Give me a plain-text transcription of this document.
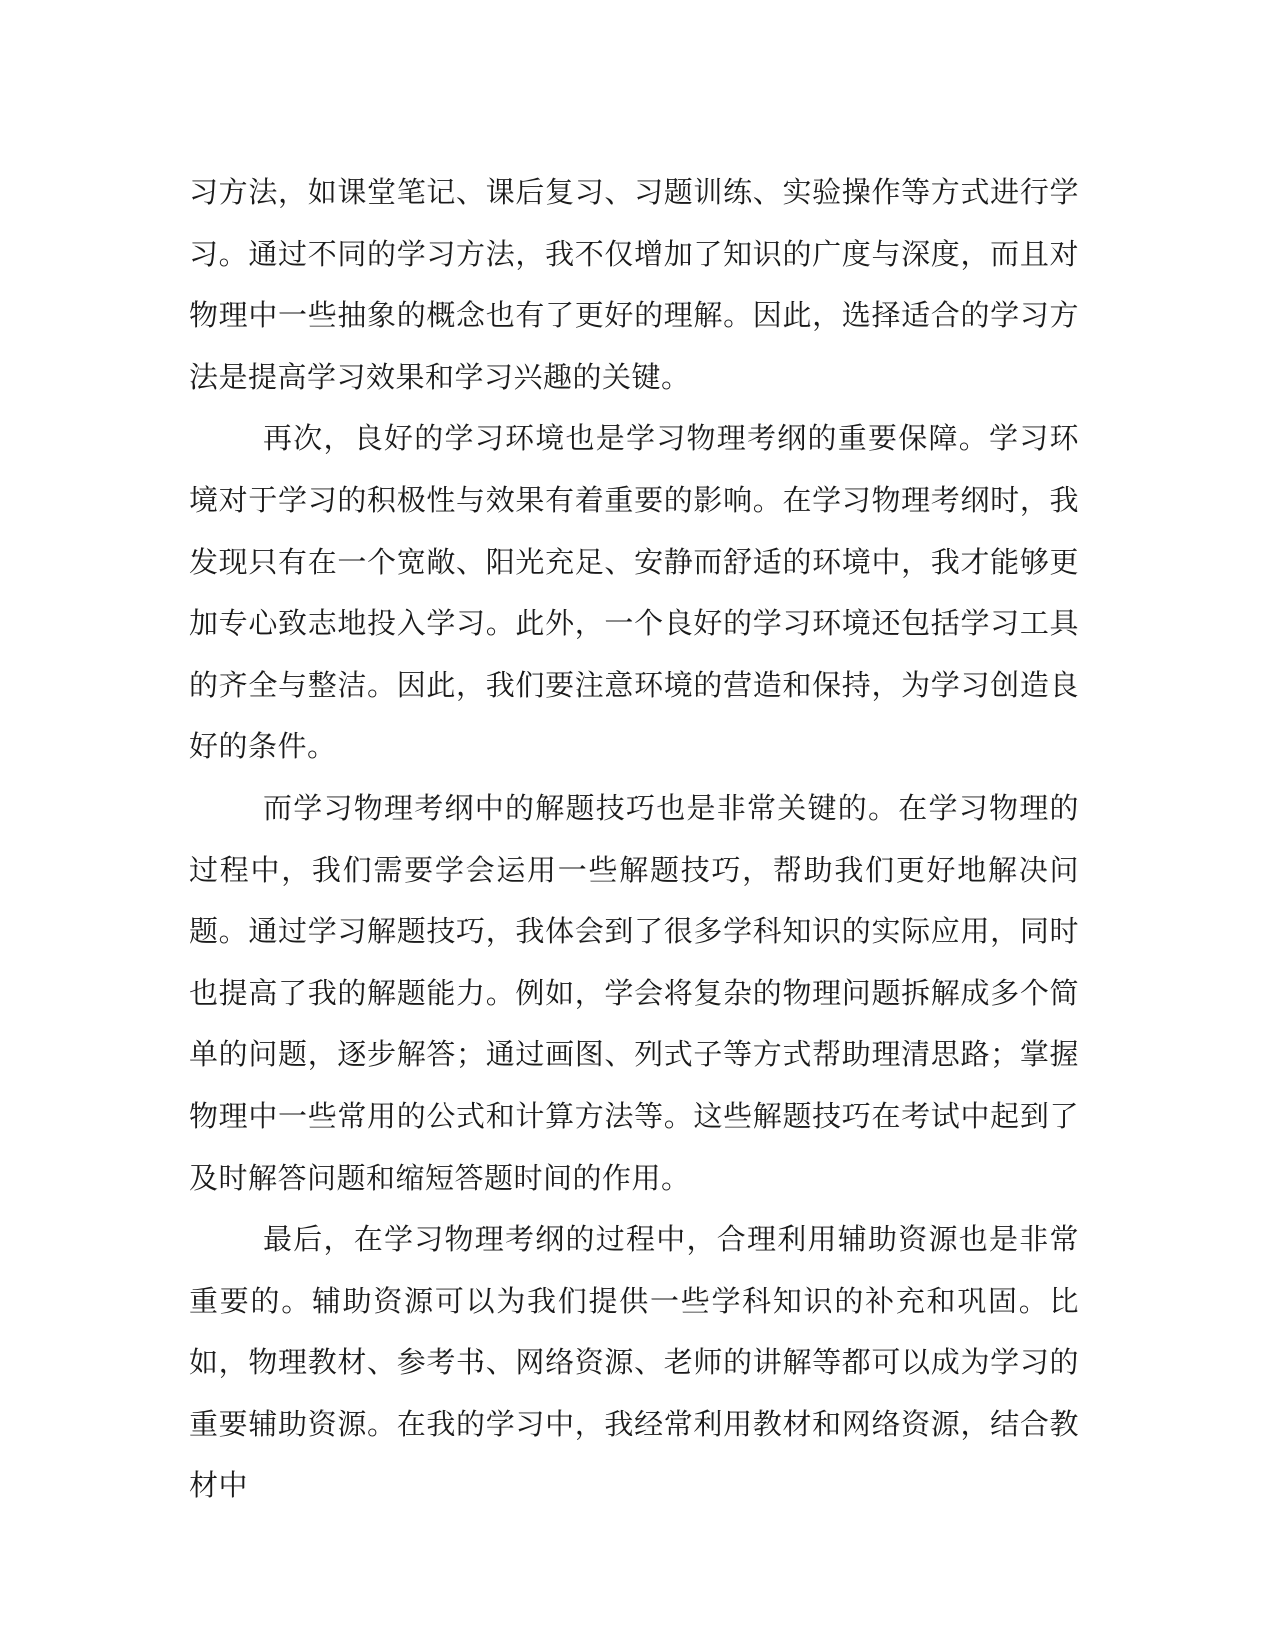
习方法，如课堂笔记、课后复习、习题训练、实验操作等方式进行学习。通过不同的学习方法，我不仅增加了知识的广度与深度，而且对物理中一些抽象的概念也有了更好的理解。因此，选择适合的学习方法是提高学习效果和学习兴趣的关键。

再次，良好的学习环境也是学习物理考纲的重要保障。学习环境对于学习的积极性与效果有着重要的影响。在学习物理考纲时，我发现只有在一个宽敞、阳光充足、安静而舒适的环境中，我才能够更加专心致志地投入学习。此外，一个良好的学习环境还包括学习工具的齐全与整洁。因此，我们要注意环境的营造和保持，为学习创造良好的条件。

而学习物理考纲中的解题技巧也是非常关键的。在学习物理的过程中，我们需要学会运用一些解题技巧，帮助我们更好地解决问题。通过学习解题技巧，我体会到了很多学科知识的实际应用，同时也提高了我的解题能力。例如，学会将复杂的物理问题拆解成多个简单的问题，逐步解答；通过画图、列式子等方式帮助理清思路；掌握物理中一些常用的公式和计算方法等。这些解题技巧在考试中起到了及时解答问题和缩短答题时间的作用。

最后，在学习物理考纲的过程中，合理利用辅助资源也是非常重要的。辅助资源可以为我们提供一些学科知识的补充和巩固。比如，物理教材、参考书、网络资源、老师的讲解等都可以成为学习的重要辅助资源。在我的学习中，我经常利用教材和网络资源，结合教材中
